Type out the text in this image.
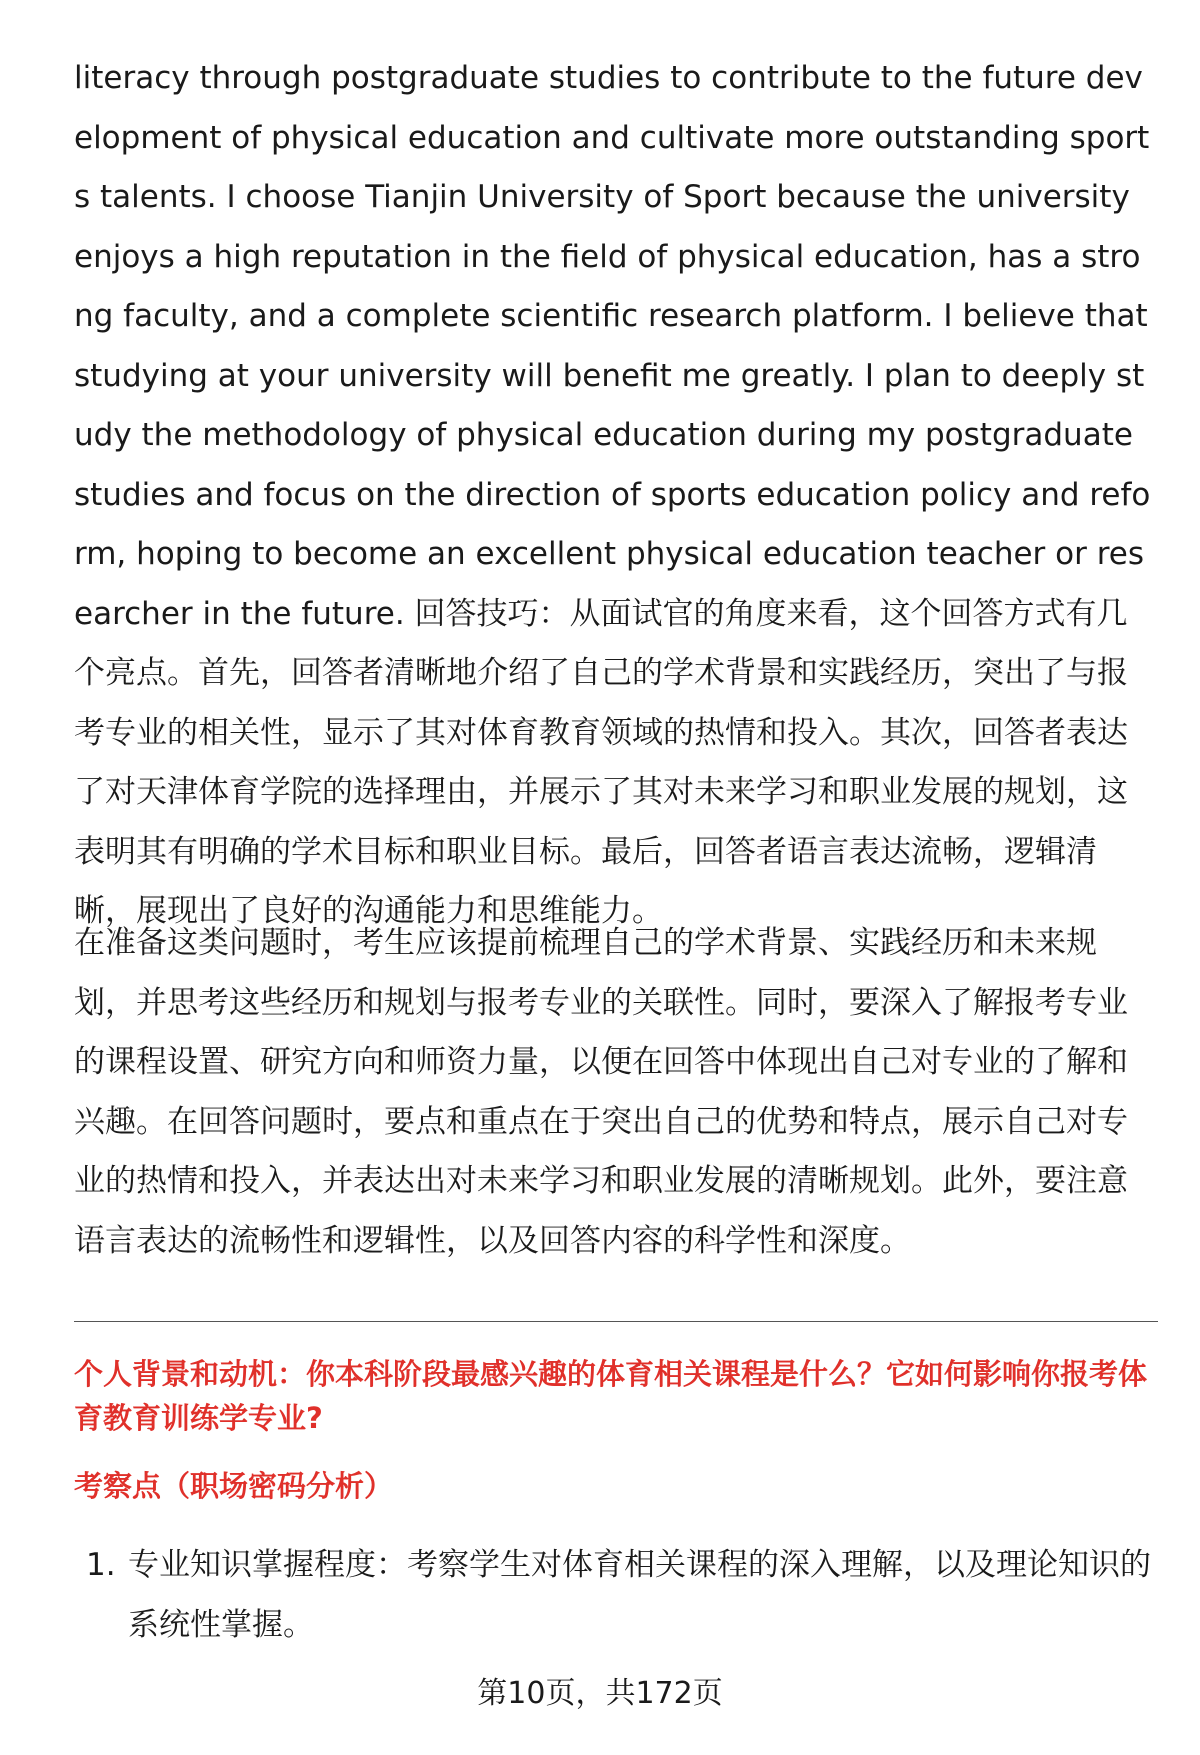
literacy through postgraduate studies to contribute to the future development of physical education and cultivate more outstanding sports talents. I choose Tianjin University of Sport because the university enjoys a high reputation in the field of physical education, has a strong faculty, and a complete scientific research platform. I believe that studying at your university will benefit me greatly. I plan to deeply study the methodology of physical education during my postgraduate studies and focus on the direction of sports education policy and reform, hoping to become an excellent physical education teacher or researcher in the future. 回答技巧：从面试官的角度来看，这个回答方式有几个亮点。首先，回答者清晰地介绍了自己的学术背景和实践经历，突出了与报考专业的相关性，显示了其对体育教育领域的热情和投入。其次，回答者表达了对天津体育学院的选择理由，并展示了其对未来学习和职业发展的规划，这表明其有明确的学术目标和职业目标。最后，回答者语言表达流畅，逻辑清晰，展现出了良好的沟通能力和思维能力。

在准备这类问题时，考生应该提前梳理自己的学术背景、实践经历和未来规划，并思考这些经历和规划与报考专业的关联性。同时，要深入了解报考专业的课程设置、研究方向和师资力量，以便在回答中体现出自己对专业的了解和兴趣。在回答问题时，要点和重点在于突出自己的优势和特点，展示自己对专业的热情和投入，并表达出对未来学习和职业发展的清晰规划。此外，要注意语言表达的流畅性和逻辑性，以及回答内容的科学性和深度。

个人背景和动机：你本科阶段最感兴趣的体育相关课程是什么？它如何影响你报考体育教育训练学专业?

考察点（职场密码分析）

1. 专业知识掌握程度：考察学生对体育相关课程的深入理解，以及理论知识的系统性掌握。
第10页，共172页
